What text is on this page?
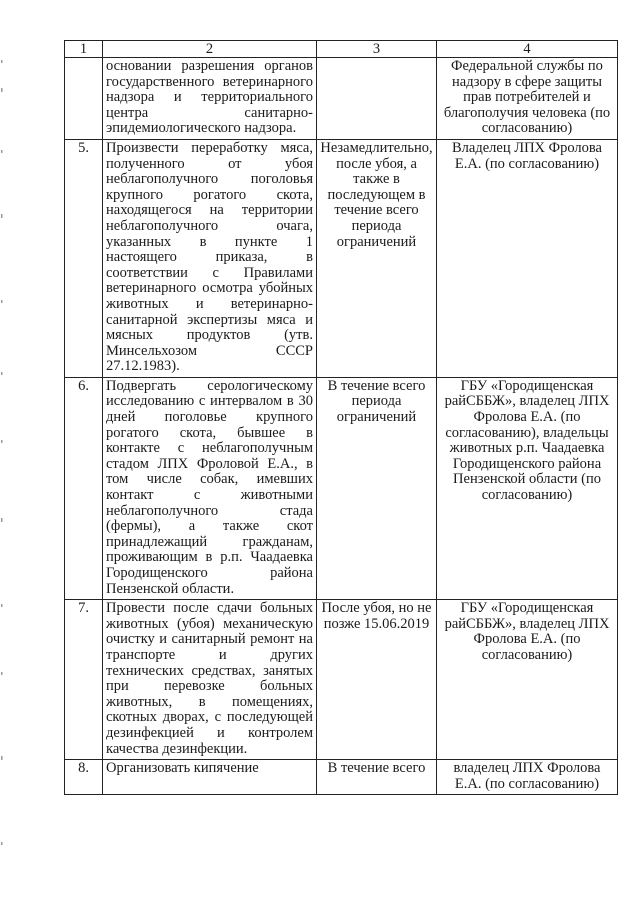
1	2	3	4
	основании разрешения органов государственного ветеринарного надзора и территориального центра санитарно-эпидемиологического надзора.		Федеральной службы по надзору в сфере защиты прав потребителей и благополучия человека (по согласованию)
5.	Произвести переработку мяса, полученного от убоя неблагополучного поголовья крупного рогатого скота, находящегося на территории неблагополучного очага, указанных в пункте 1 настоящего приказа, в соответствии с Правилами ветеринарного осмотра убойных животных и ветеринарно-санитарной экспертизы мяса и мясных продуктов (утв. Минсельхозом СССР 27.12.1983).	Незамедлительно, после убоя, а также в последующем в течение всего периода ограничений	Владелец ЛПХ Фролова Е.А. (по согласованию)
6.	Подвергать серологическому исследованию с интервалом в 30 дней поголовье крупного рогатого скота, бывшее в контакте с неблагополучным стадом ЛПХ Фроловой Е.А., в том числе собак, имевших контакт с животными неблагополучного стада (фермы), а также скот принадлежащий гражданам, проживающим в р.п. Чаадаевка Городищенского района Пензенской области.	В течение всего периода ограничений	ГБУ «Городищенская райСББЖ», владелец ЛПХ Фролова Е.А. (по согласованию), владельцы животных р.п. Чаадаевка Городищенского района Пензенской области (по согласованию)
7.	Провести после сдачи больных животных (убоя) механическую очистку и санитарный ремонт на транспорте и других технических средствах, занятых при перевозке больных животных, в помещениях, скотных дворах, с последующей дезинфекцией и контролем качества дезинфекции.	После убоя, но не позже 15.06.2019	ГБУ «Городищенская райСББЖ», владелец ЛПХ Фролова Е.А. (по согласованию)
8.	Организовать кипячение	В течение всего	владелец ЛПХ Фролова Е.А. (по согласованию)
